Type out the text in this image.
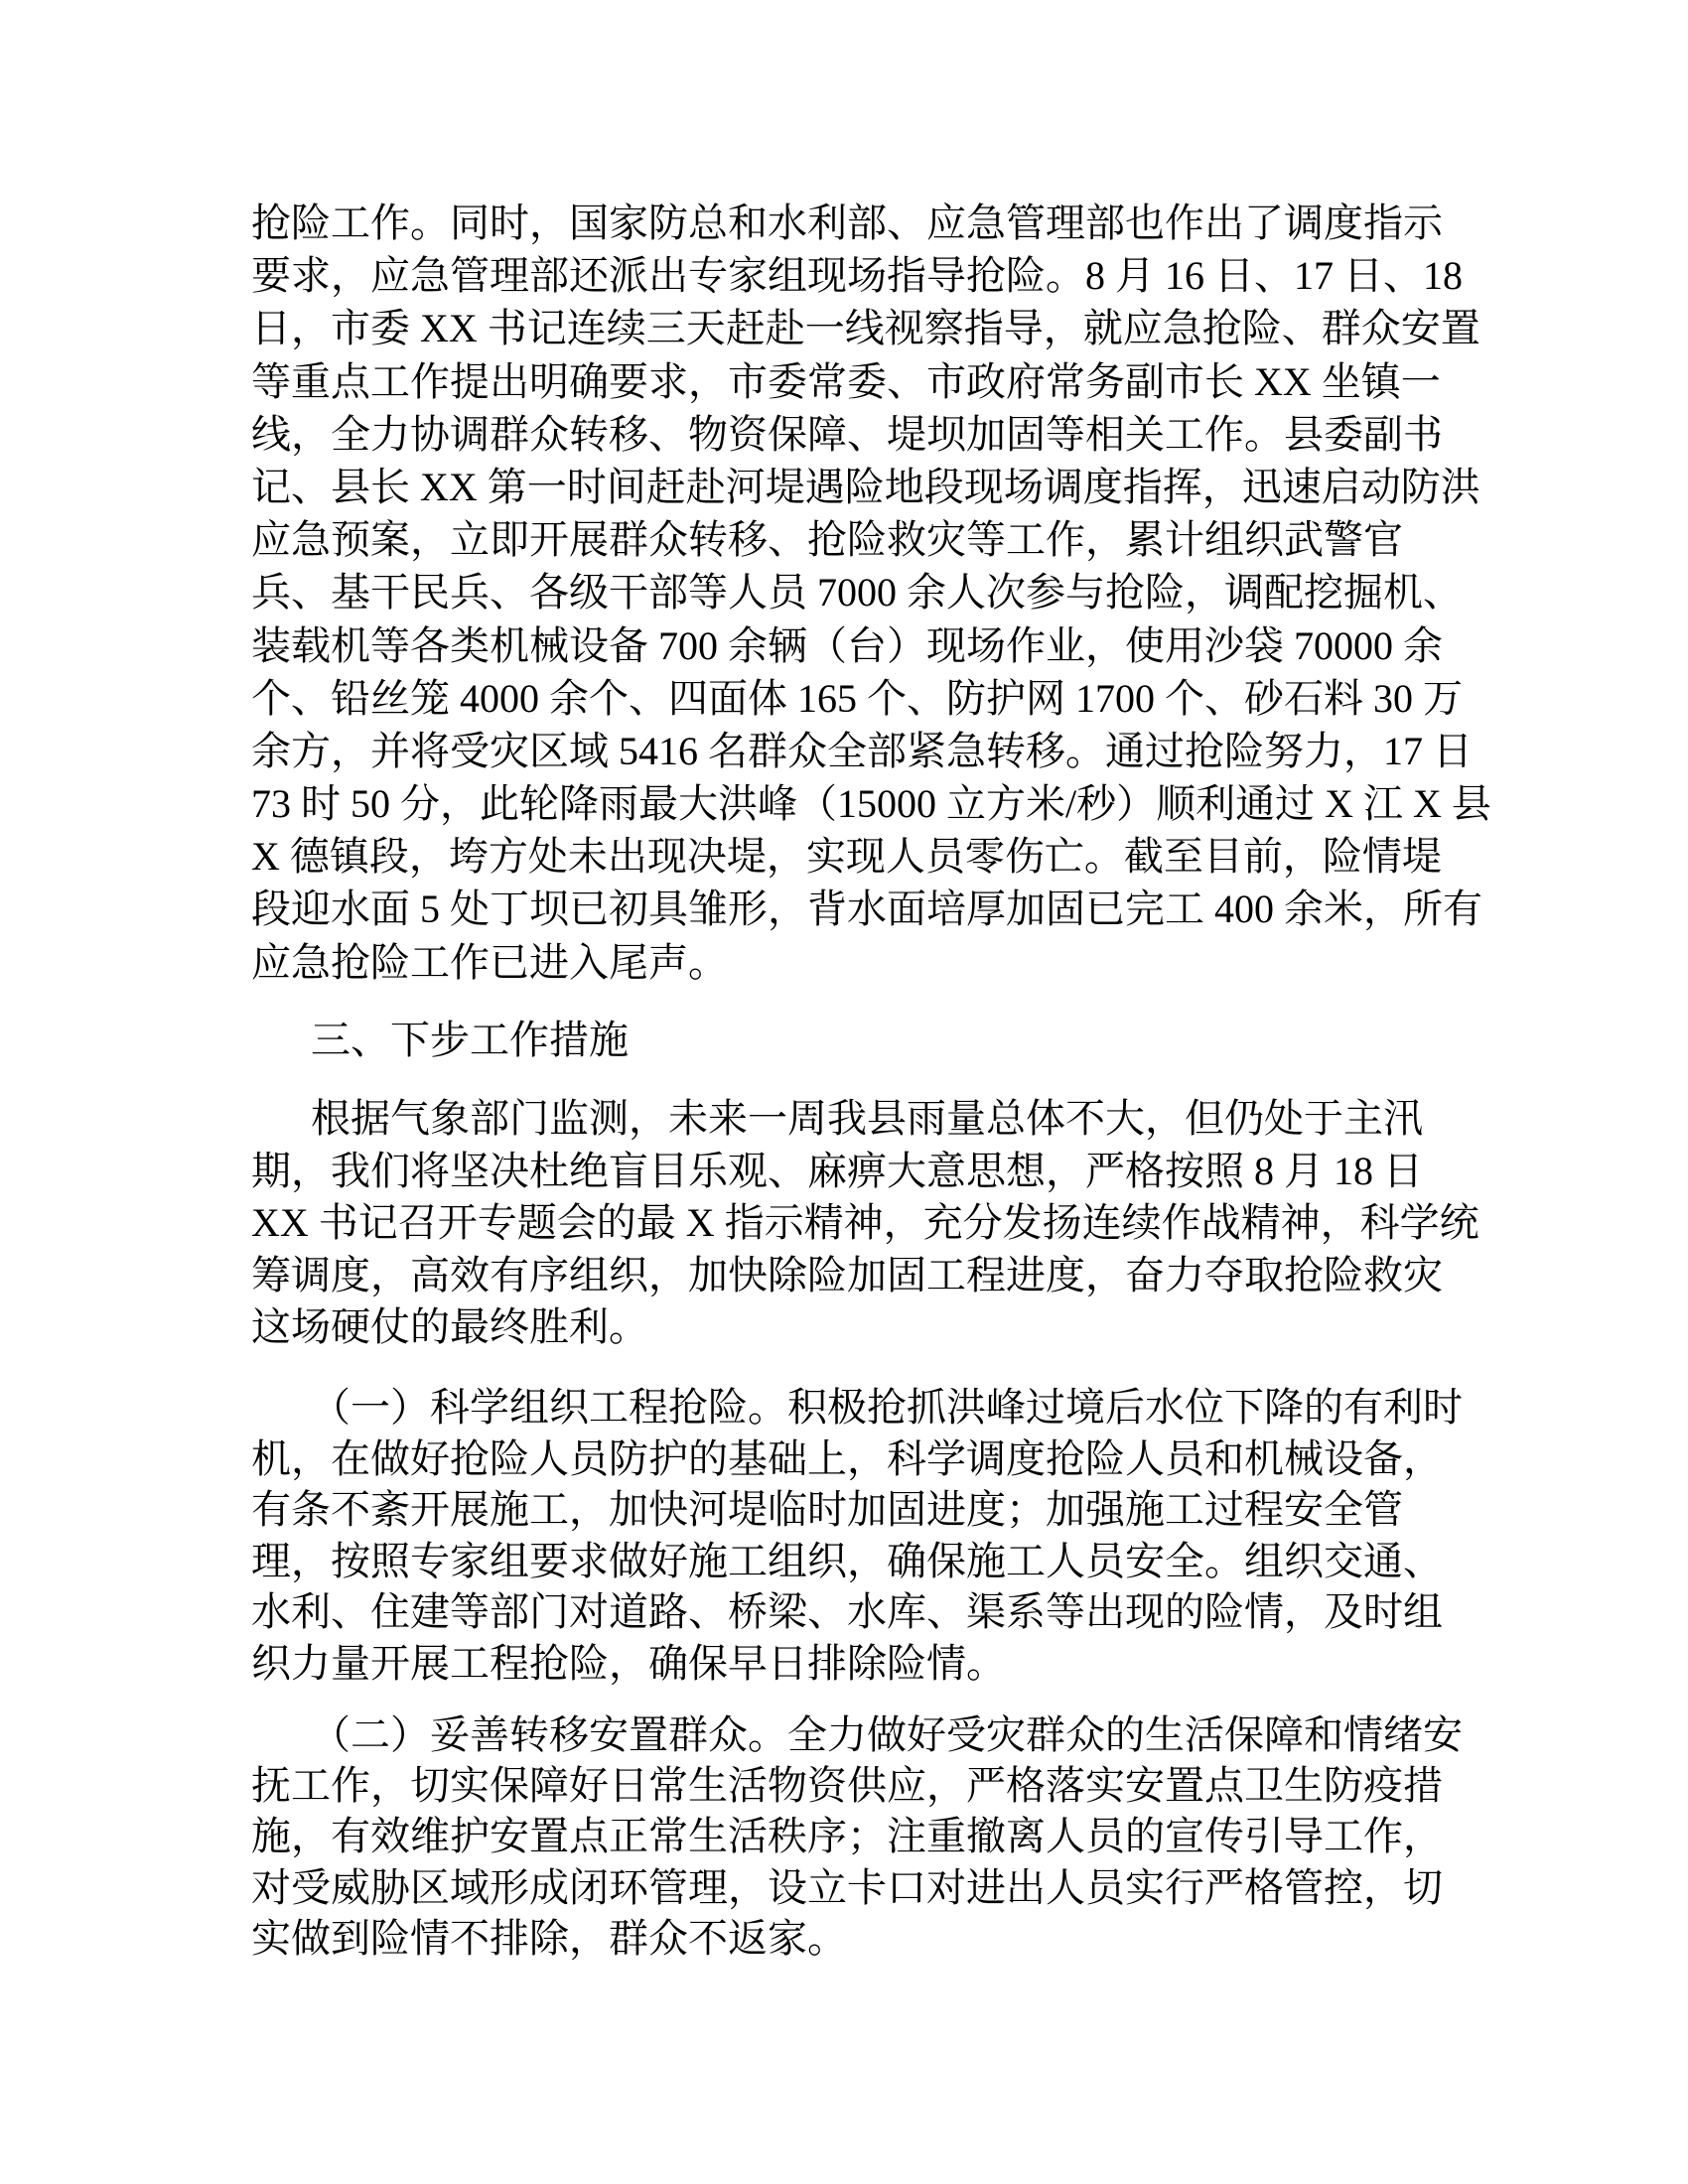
抢险工作。同时，国家防总和水利部、应急管理部也作出了调度指示
要求，应急管理部还派出专家组现场指导抢险。8 月 16 日、17 日、18
日，市委 XX 书记连续三天赶赴一线视察指导，就应急抢险、群众安置
等重点工作提出明确要求，市委常委、市政府常务副市长 XX 坐镇一
线，全力协调群众转移、物资保障、堤坝加固等相关工作。县委副书
记、县长 XX 第一时间赶赴河堤遇险地段现场调度指挥，迅速启动防洪
应急预案，立即开展群众转移、抢险救灾等工作，累计组织武警官
兵、基干民兵、各级干部等人员 7000 余人次参与抢险，调配挖掘机、
装载机等各类机械设备 700 余辆（台）现场作业，使用沙袋 70000 余
个、铅丝笼 4000 余个、四面体 165 个、防护网 1700 个、砂石料 30 万
余方，并将受灾区域 5416 名群众全部紧急转移。通过抢险努力，17 日
73 时 50 分，此轮降雨最大洪峰（15000 立方米/秒）顺利通过 X 江 X 县
X 德镇段，垮方处未出现决堤，实现人员零伤亡。截至目前，险情堤
段迎水面 5 处丁坝已初具雏形，背水面培厚加固已完工 400 余米，所有
应急抢险工作已进入尾声。
三、下步工作措施
根据气象部门监测，未来一周我县雨量总体不大，但仍处于主汛
期，我们将坚决杜绝盲目乐观、麻痹大意思想，严格按照 8 月 18 日
XX 书记召开专题会的最 X 指示精神，充分发扬连续作战精神，科学统
筹调度，高效有序组织，加快除险加固工程进度，奋力夺取抢险救灾
这场硬仗的最终胜利。
（一）科学组织工程抢险。积极抢抓洪峰过境后水位下降的有利时
机，在做好抢险人员防护的基础上，科学调度抢险人员和机械设备，
有条不紊开展施工，加快河堤临时加固进度；加强施工过程安全管
理，按照专家组要求做好施工组织，确保施工人员安全。组织交通、
水利、住建等部门对道路、桥梁、水库、渠系等出现的险情，及时组
织力量开展工程抢险，确保早日排除险情。
（二）妥善转移安置群众。全力做好受灾群众的生活保障和情绪安
抚工作，切实保障好日常生活物资供应，严格落实安置点卫生防疫措
施，有效维护安置点正常生活秩序；注重撤离人员的宣传引导工作，
对受威胁区域形成闭环管理，设立卡口对进出人员实行严格管控，切
实做到险情不排除，群众不返家。
